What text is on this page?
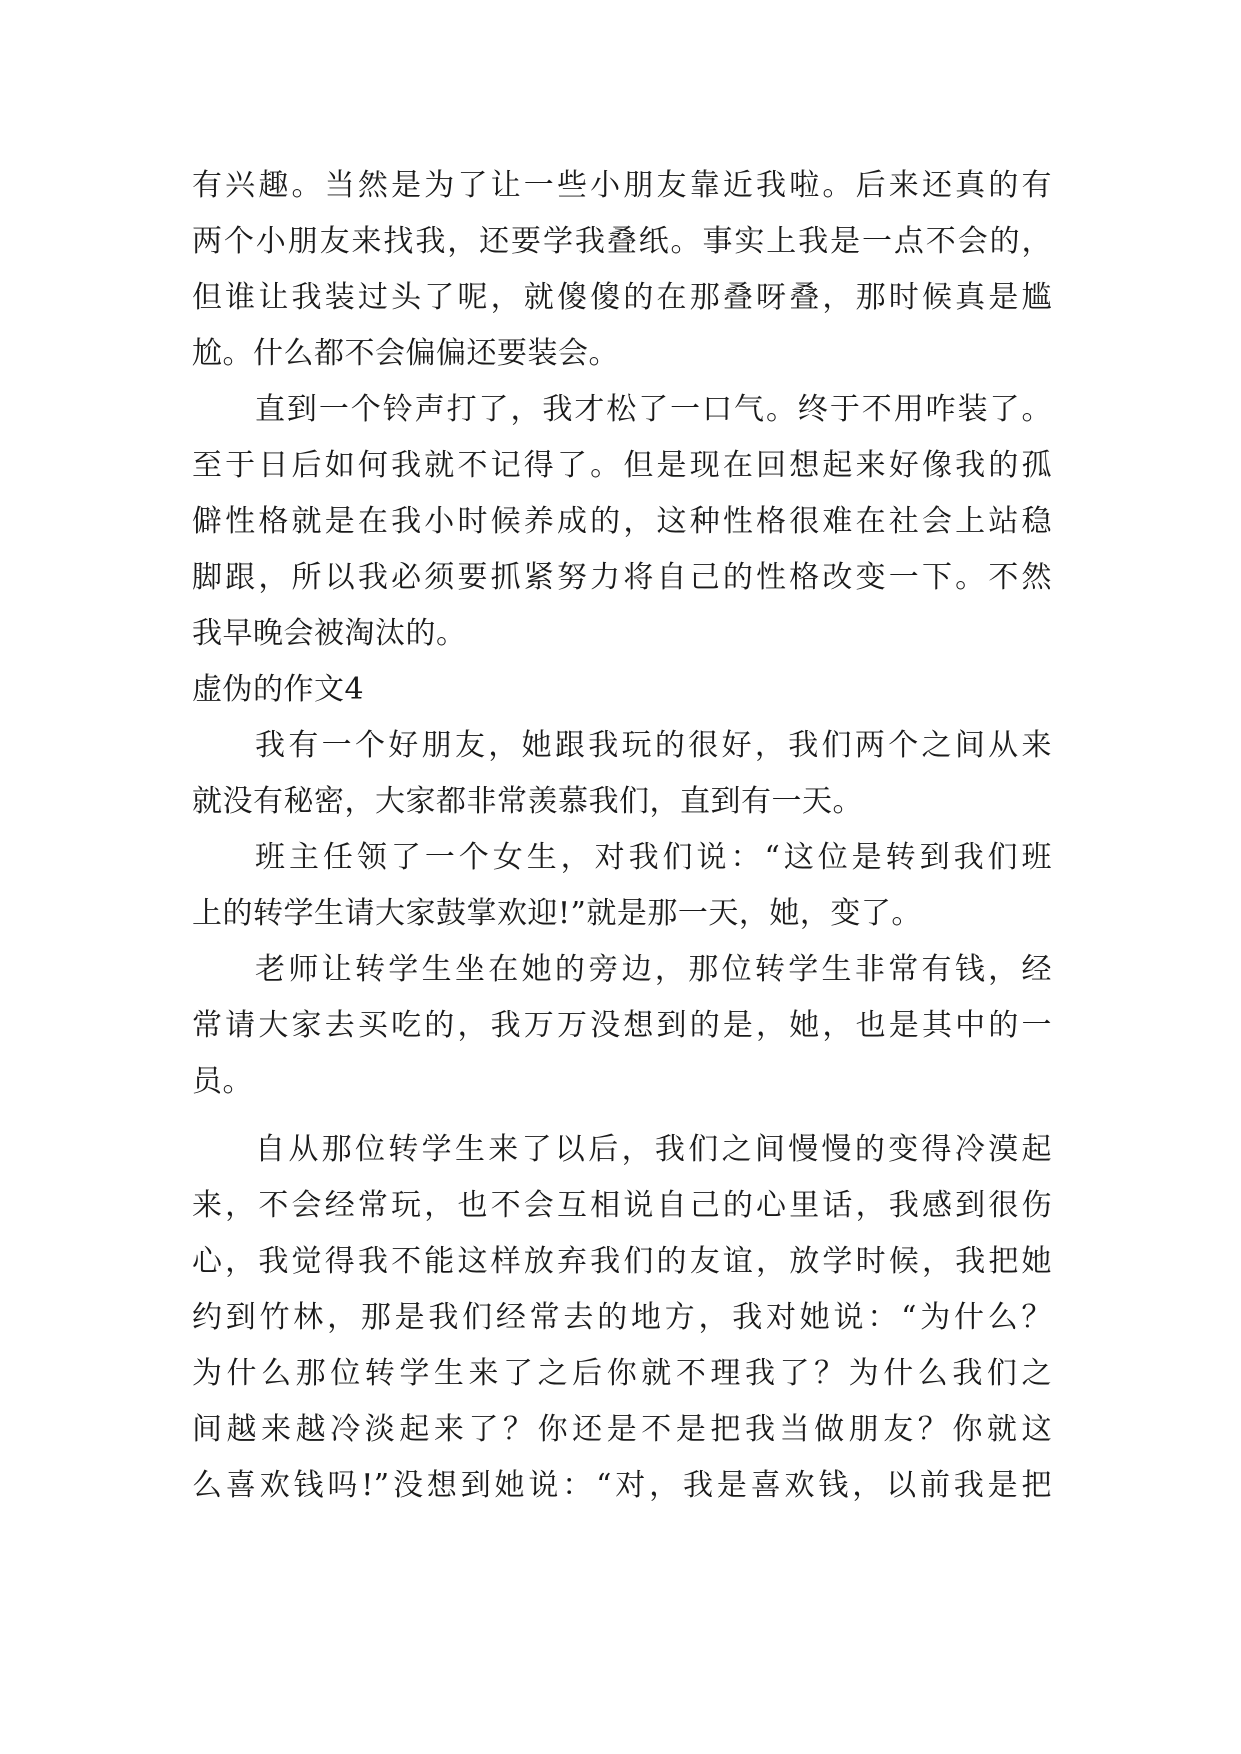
有兴趣。当然是为了让一些小朋友靠近我啦。后来还真的有
两个小朋友来找我，还要学我叠纸。事实上我是一点不会的，
但谁让我装过头了呢，就傻傻的在那叠呀叠，那时候真是尴
尬。什么都不会偏偏还要装会。
直到一个铃声打了，我才松了一口气。终于不用咋装了。
至于日后如何我就不记得了。但是现在回想起来好像我的孤
僻性格就是在我小时候养成的，这种性格很难在社会上站稳
脚跟，所以我必须要抓紧努力将自己的性格改变一下。不然
我早晚会被淘汰的。
虚伪的作文4
我有一个好朋友，她跟我玩的很好，我们两个之间从来
就没有秘密，大家都非常羡慕我们，直到有一天。
班主任领了一个女生，对我们说：“这位是转到我们班
上的转学生请大家鼓掌欢迎!”就是那一天，她，变了。
老师让转学生坐在她的旁边，那位转学生非常有钱，经
常请大家去买吃的，我万万没想到的是，她，也是其中的一
员。
自从那位转学生来了以后，我们之间慢慢的变得冷漠起
来，不会经常玩，也不会互相说自己的心里话，我感到很伤
心，我觉得我不能这样放弃我们的友谊，放学时候，我把她
约到竹林，那是我们经常去的地方，我对她说：“为什么？
为什么那位转学生来了之后你就不理我了？为什么我们之
间越来越冷淡起来了？你还是不是把我当做朋友？你就这
么喜欢钱吗!”没想到她说：“对，我是喜欢钱，以前我是把
